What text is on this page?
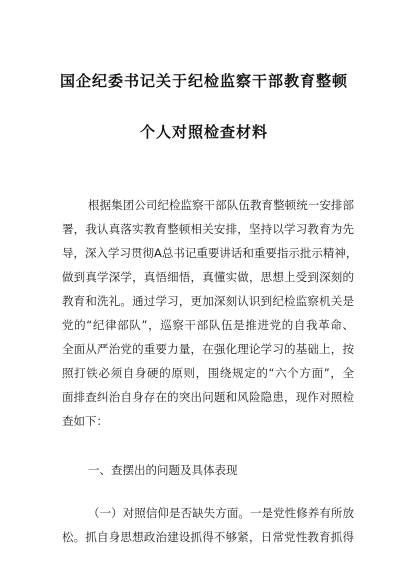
国企纪委书记关于纪检监察干部教育整顿
个人对照检查材料
根据集团公司纪检监察干部队伍教育整顿统一安排部
署，我认真落实教育整顿相关安排，坚持以学习教育为先
导，深入学习贯彻A总书记重要讲话和重要指示批示精神，
做到真学深学，真悟细悟，真懂实做，思想上受到深刻的
教育和洗礼。通过学习，更加深刻认识到纪检监察机关是
党的“纪律部队”，巡察干部队伍是推进党的自我革命、
全面从严治党的重要力量，在强化理论学习的基础上，按
照打铁必须自身硬的原则，围绕规定的“六个方面”，全
面排查纠治自身存在的突出问题和风险隐患，现作对照检
查如下：
一、查摆出的问题及具体表现
（一）对照信仰是否缺失方面。一是党性修养有所放
松。抓自身思想政治建设抓得不够紧，日常党性教育抓得
